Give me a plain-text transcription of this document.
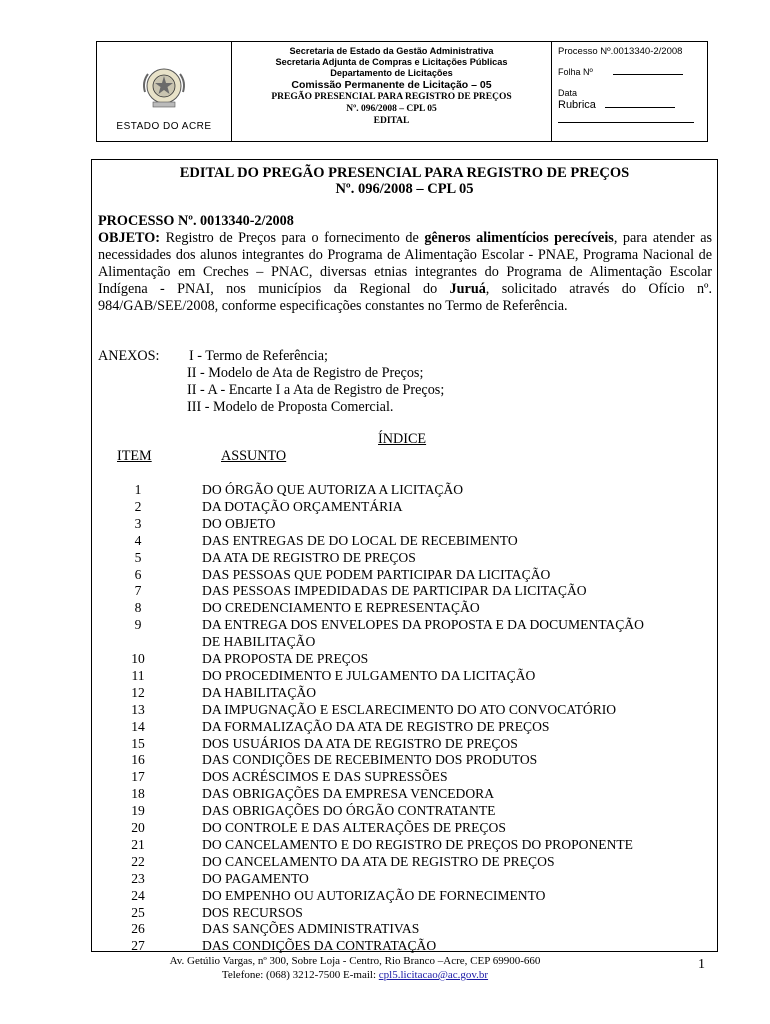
ESTADO DO ACRE
Secretaria de Estado da Gestão Administrativa
Secretaria Adjunta de Compras e Licitações Públicas
Departamento de Licitações
Comissão Permanente de Licitação – 05
PREGÃO PRESENCIAL PARA REGISTRO DE PREÇOS
Nº. 096/2008 – CPL 05
EDITAL
Processo Nº.0013340-2/2008
Folha Nº
Data
Rubrica
EDITAL DO PREGÃO PRESENCIAL PARA REGISTRO DE PREÇOS
Nº. 096/2008 – CPL 05
PROCESSO Nº. 0013340-2/2008
OBJETO: Registro de Preços para o fornecimento de gêneros alimentícios perecíveis, para atender as necessidades dos alunos integrantes do Programa de Alimentação Escolar - PNAE, Programa Nacional de Alimentação em Creches – PNAC, diversas etnias integrantes do Programa de Alimentação Escolar Indígena - PNAI, nos municípios da Regional do Juruá, solicitado através do Ofício nº. 984/GAB/SEE/2008, conforme especificações constantes no Termo de Referência.
ANEXOS: I - Termo de Referência;
II - Modelo de Ata de Registro de Preços;
II - A - Encarte I a Ata de Registro de Preços;
III - Modelo de Proposta Comercial.
ÍNDICE
ITEM	ASSUNTO
1	DO ÓRGÃO QUE AUTORIZA A LICITAÇÃO
2	DA DOTAÇÃO ORÇAMENTÁRIA
3	DO OBJETO
4	DAS ENTREGAS DE DO LOCAL DE RECEBIMENTO
5	DA ATA DE REGISTRO DE PREÇOS
6	DAS PESSOAS QUE PODEM PARTICIPAR DA LICITAÇÃO
7	DAS PESSOAS IMPEDIDADAS DE PARTICIPAR DA LICITAÇÃO
8	DO CREDENCIAMENTO E REPRESENTAÇÃO
9	DA ENTREGA DOS ENVELOPES DA PROPOSTA E DA DOCUMENTAÇÃO
DE HABILITAÇÃO
10	DA PROPOSTA DE PREÇOS
11	DO PROCEDIMENTO E JULGAMENTO DA LICITAÇÃO
12	DA HABILITAÇÃO
13	DA IMPUGNAÇÃO E ESCLARECIMENTO DO ATO CONVOCATÓRIO
14	DA FORMALIZAÇÃO DA ATA DE REGISTRO DE PREÇOS
15	DOS USUÁRIOS DA ATA DE REGISTRO DE PREÇOS
16	DAS CONDIÇÕES DE RECEBIMENTO DOS PRODUTOS
17	DOS ACRÉSCIMOS E DAS SUPRESSÕES
18	DAS OBRIGAÇÕES DA EMPRESA VENCEDORA
19	DAS OBRIGAÇÕES DO ÓRGÃO CONTRATANTE
20	DO CONTROLE E DAS ALTERAÇÕES DE PREÇOS
21	DO CANCELAMENTO E DO REGISTRO DE PREÇOS DO PROPONENTE
22	DO CANCELAMENTO DA ATA DE REGISTRO DE PREÇOS
23	DO PAGAMENTO
24	DO EMPENHO OU AUTORIZAÇÃO DE FORNECIMENTO
25	DOS RECURSOS
26	DAS SANÇÕES ADMINISTRATIVAS
27	DAS CONDIÇÕES DA CONTRATAÇÃO
Av. Getúlio Vargas, nº 300, Sobre Loja - Centro, Rio Branco –Acre, CEP 69900-660
Telefone: (068) 3212-7500 E-mail: cpl5.licitacao@ac.gov.br
1
